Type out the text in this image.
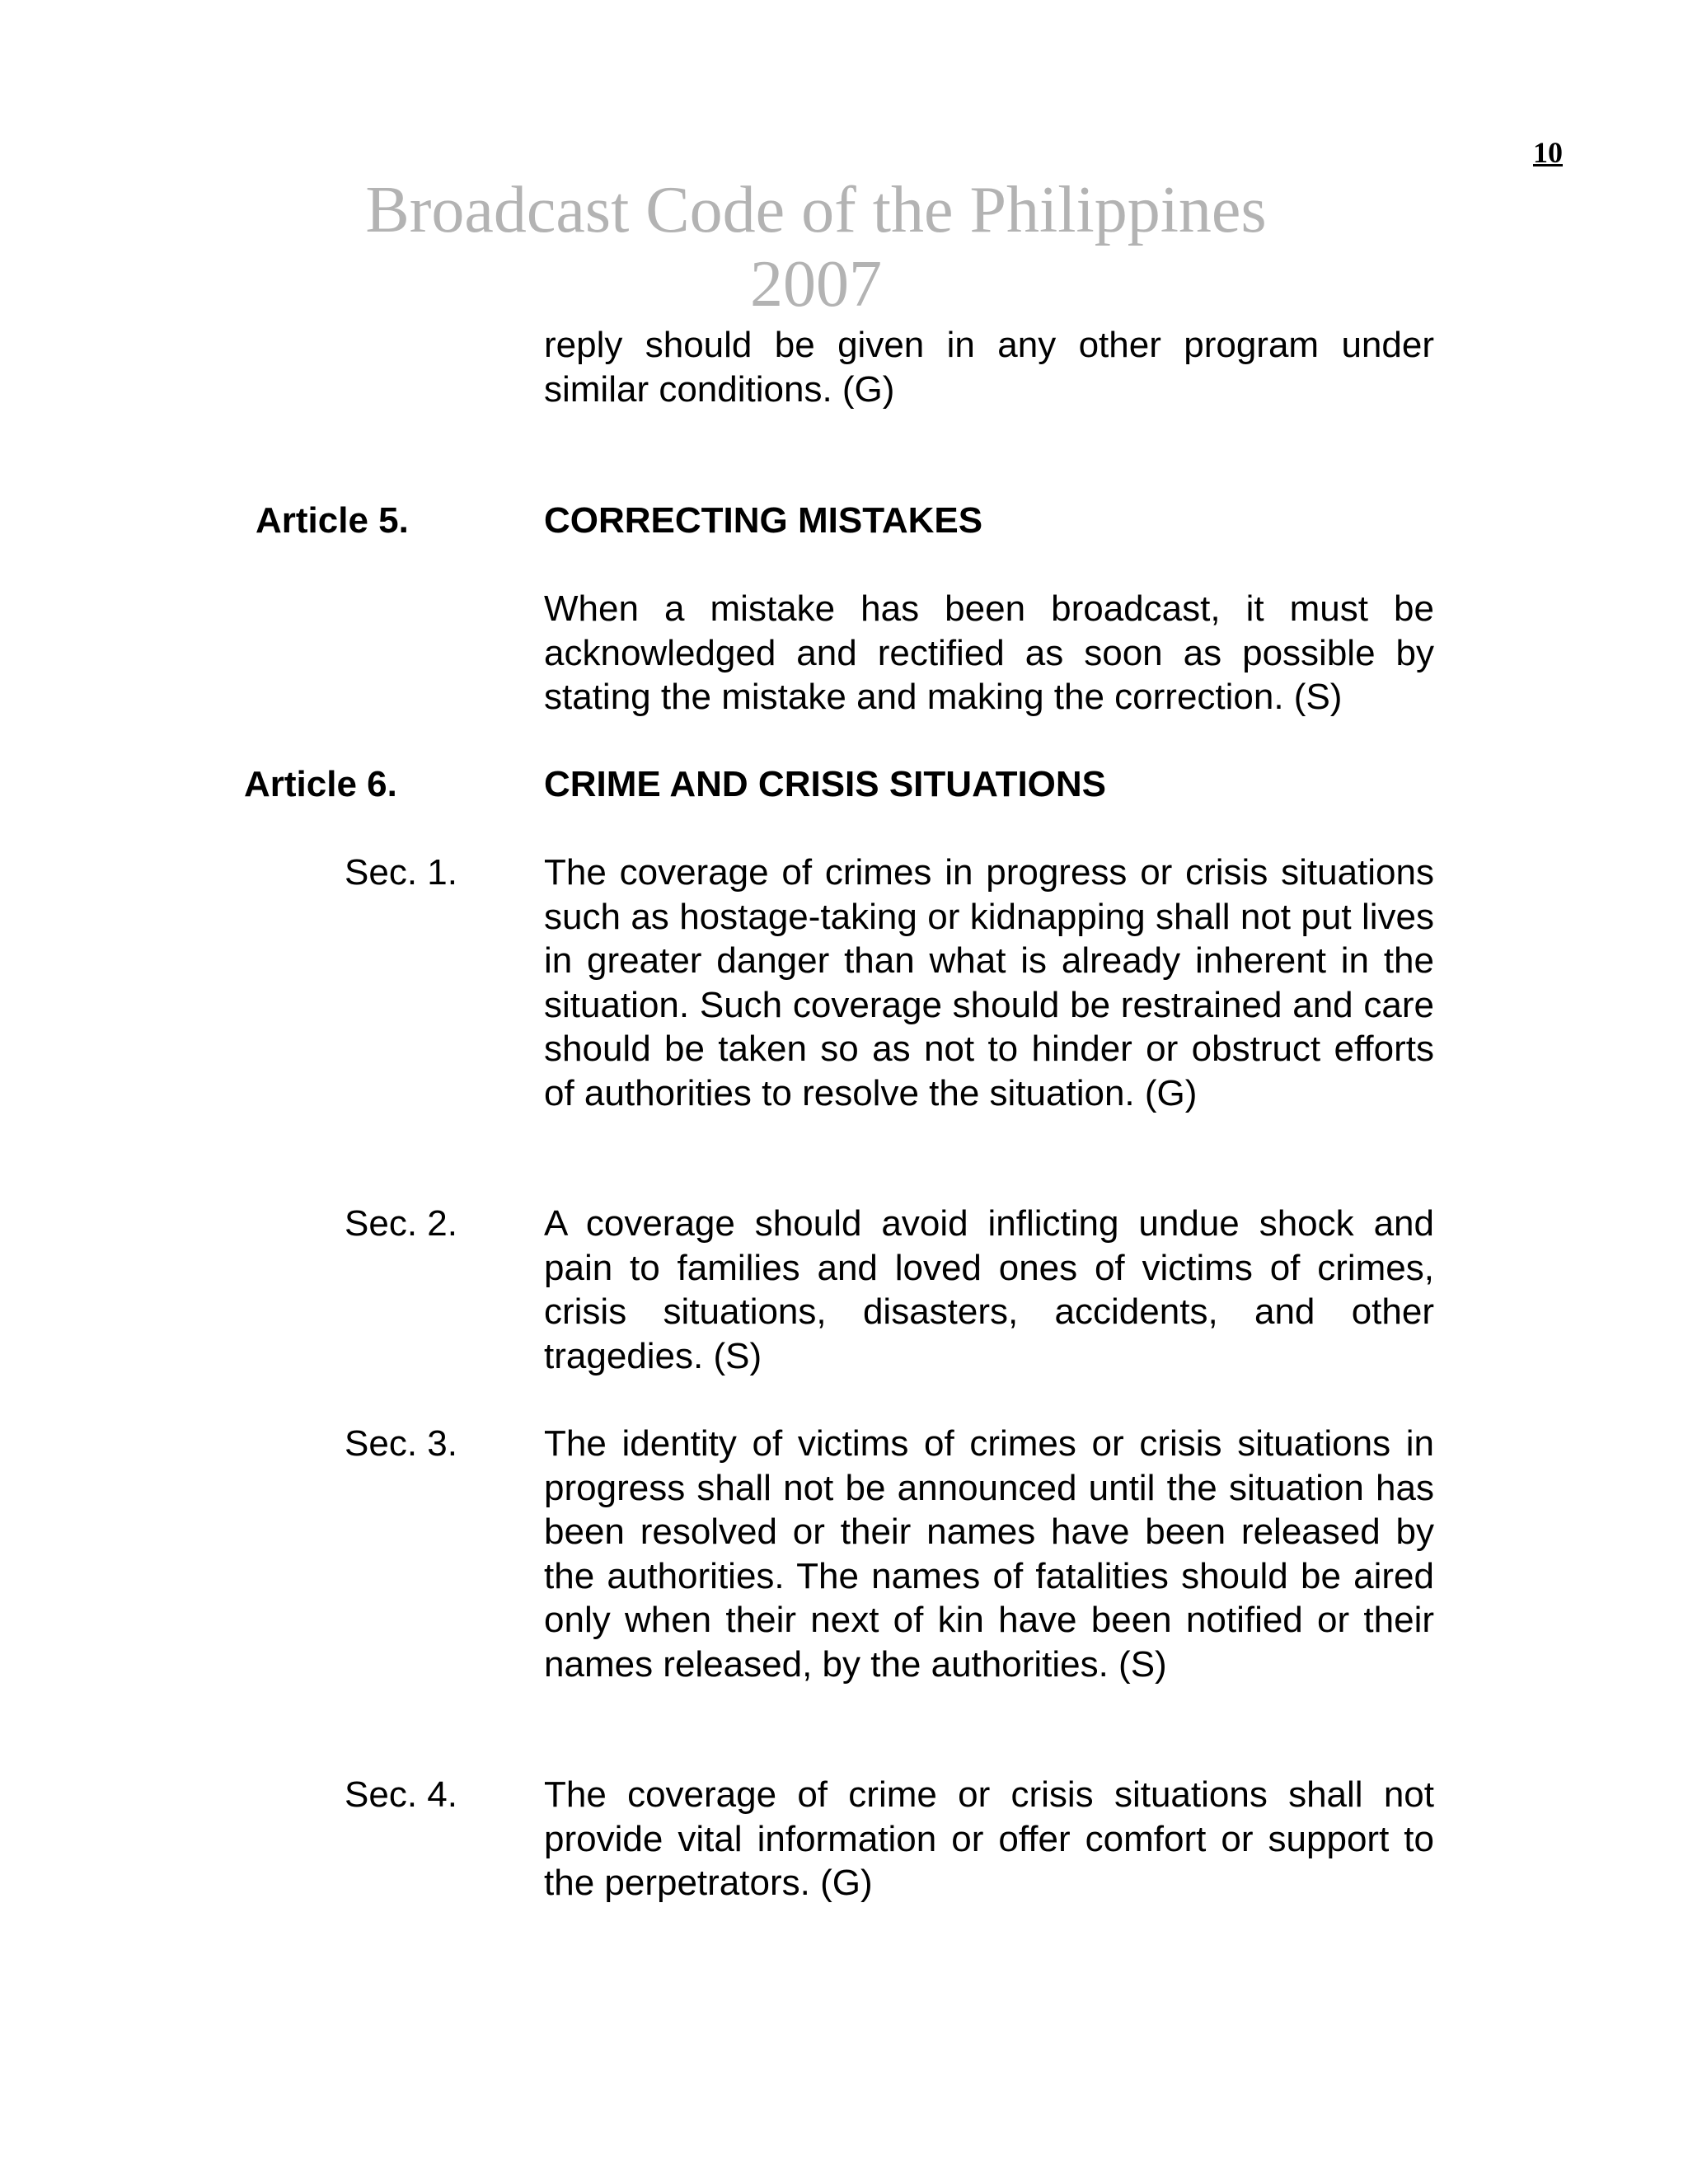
10
Broadcast Code of the Philippines
2007
reply should be given in any other program under similar conditions. (G)
Article 5.	CORRECTING MISTAKES
When a mistake has been broadcast, it must be acknowledged and rectified as soon as possible by stating the mistake and making the correction. (S)
Article 6.	CRIME AND CRISIS SITUATIONS
Sec. 1. The coverage of crimes in progress or crisis situations such as hostage-taking or kidnapping shall not put lives in greater danger than what is already inherent in the situation. Such coverage should be restrained and care should be taken so as not to hinder or obstruct efforts of authorities to resolve the situation. (G)
Sec. 2. A coverage should avoid inflicting undue shock and pain to families and loved ones of victims of crimes, crisis situations, disasters, accidents, and other tragedies. (S)
Sec. 3. The identity of victims of crimes or crisis situations in progress shall not be announced until the situation has been resolved or their names have been released by the authorities. The names of fatalities should be aired only when their next of kin have been notified or their names released, by the authorities. (S)
Sec. 4. The coverage of crime or crisis situations shall not provide vital information or offer comfort or support to the perpetrators. (G)
